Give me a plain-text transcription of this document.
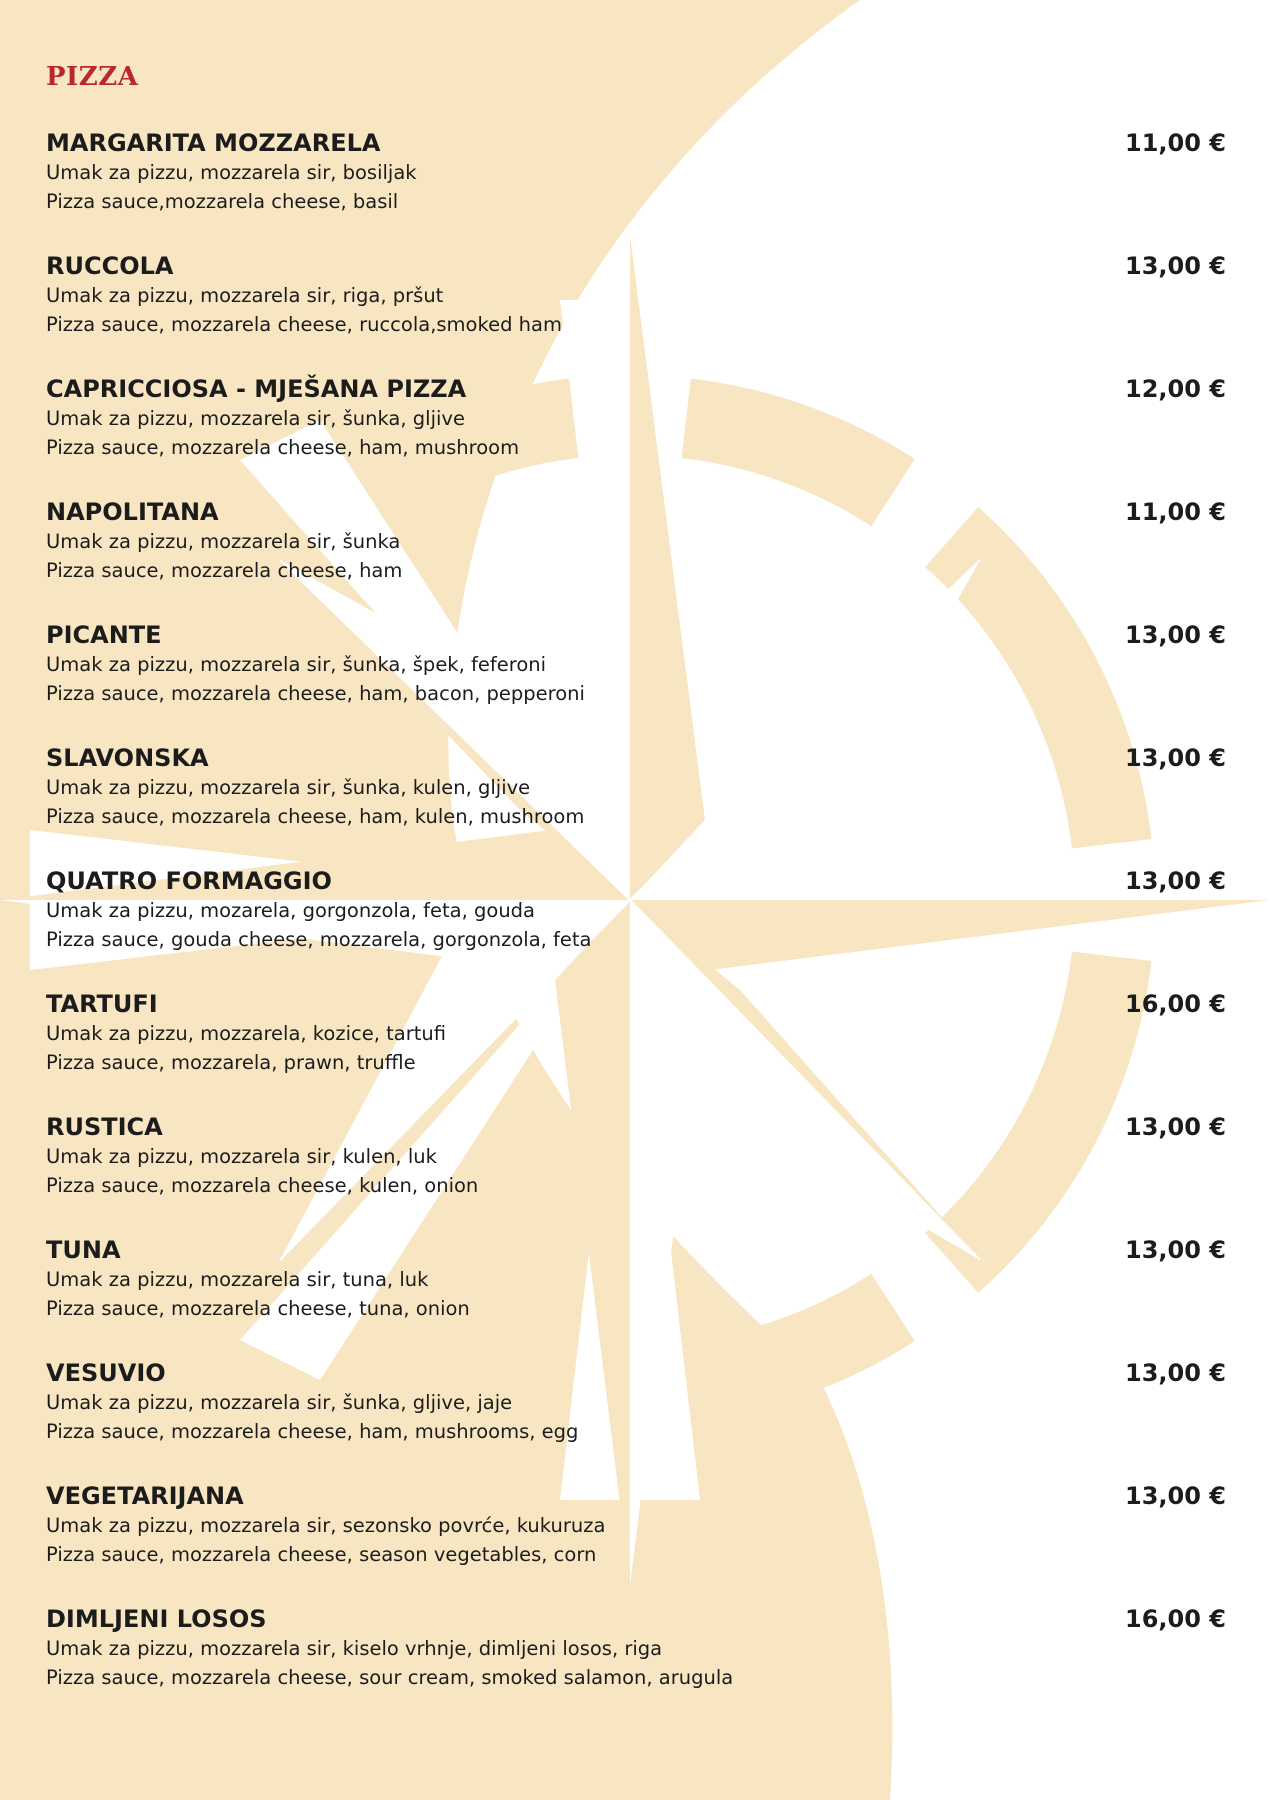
PIZZA
MARGARITA MOZZARELA
Umak za pizzu, mozzarela sir, bosiljak
Pizza sauce,mozzarela cheese, basil
11,00 €
RUCCOLA
Umak za pizzu, mozzarela sir, riga, pršut
Pizza sauce, mozzarela cheese, ruccola,smoked ham
13,00 €
CAPRICCIOSA - MJEŠANA PIZZA
Umak za pizzu, mozzarela sir, šunka, gljive
Pizza sauce, mozzarela cheese, ham, mushroom
12,00 €
NAPOLITANA
Umak za pizzu, mozzarela sir, šunka
Pizza sauce, mozzarela cheese, ham
11,00 €
PICANTE
Umak za pizzu, mozzarela sir, šunka, špek, feferoni
Pizza sauce, mozzarela cheese, ham, bacon, pepperoni
13,00 €
SLAVONSKA
Umak za pizzu, mozzarela sir, šunka, kulen, gljive
Pizza sauce, mozzarela cheese, ham, kulen, mushroom
13,00 €
QUATRO FORMAGGIO
Umak za pizzu, mozarela, gorgonzola, feta, gouda
Pizza sauce, gouda cheese, mozzarela, gorgonzola, feta
13,00 €
TARTUFI
Umak za pizzu, mozzarela, kozice, tartufi
Pizza sauce, mozzarela, prawn, truffle
16,00 €
RUSTICA
Umak za pizzu, mozzarela sir, kulen, luk
Pizza sauce, mozzarela cheese, kulen, onion
13,00 €
TUNA
Umak za pizzu, mozzarela sir, tuna, luk
Pizza sauce, mozzarela cheese, tuna, onion
13,00 €
VESUVIO
Umak za pizzu, mozzarela sir, šunka, gljive, jaje
Pizza sauce, mozzarela cheese, ham, mushrooms, egg
13,00 €
VEGETARIJANA
Umak za pizzu, mozzarela sir, sezonsko povrće, kukuruza
Pizza sauce, mozzarela cheese, season vegetables, corn
13,00 €
DIMLJENI LOSOS
Umak za pizzu, mozzarela sir, kiselo vrhnje, dimljeni losos, riga
Pizza sauce, mozzarela cheese, sour cream, smoked salamon, arugula
16,00 €
